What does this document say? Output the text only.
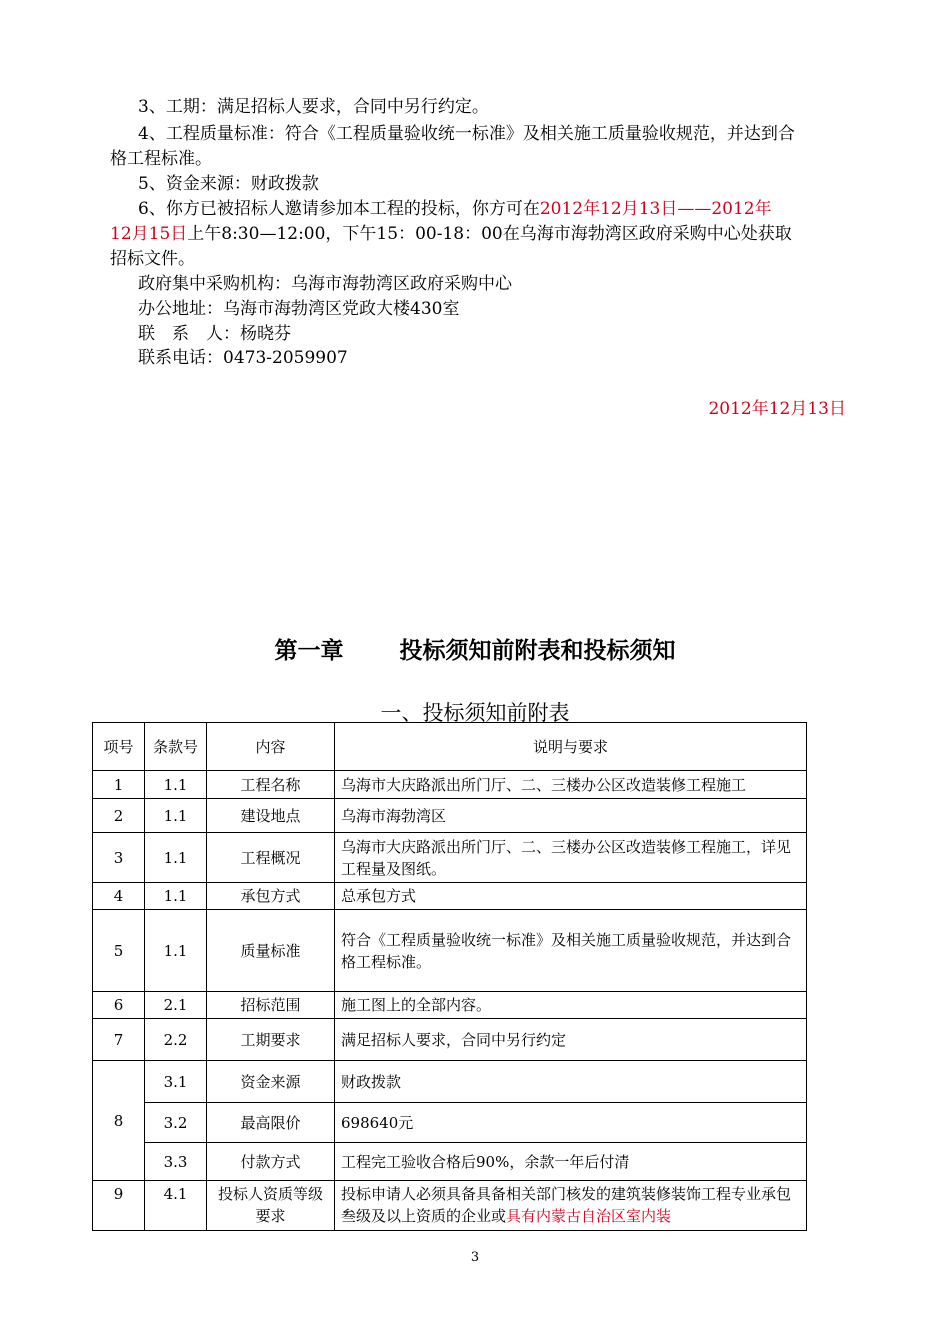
3、工期：满足招标人要求，合同中另行约定。
4、工程质量标准：符合《工程质量验收统一标准》及相关施工质量验收规范，并达到合
格工程标准。
5、资金来源：财政拨款
6、你方已被招标人邀请参加本工程的投标，你方可在2012年12月13日——2012年
12月15日上午8:30—12:00，下午15：00-18：00在乌海市海勃湾区政府采购中心处获取
招标文件。
政府集中采购机构：乌海市海勃湾区政府采购中心
办公地址：乌海市海勃湾区党政大楼430室
联　系　人：杨晓芬
联系电话：0473-2059907
2012年12月13日
第一章 投标须知前附表和投标须知
一、投标须知前附表
项号	条款号	内容	说明与要求
1	1.1	工程名称	乌海市大庆路派出所门厅、二、三楼办公区改造装修工程施工
2	1.1	建设地点	乌海市海勃湾区
3	1.1	工程概况	乌海市大庆路派出所门厅、二、三楼办公区改造装修工程施工，详见工程量及图纸。
4	1.1	承包方式	总承包方式
5	1.1	质量标准	符合《工程质量验收统一标准》及相关施工质量验收规范，并达到合格工程标准。
6	2.1	招标范围	施工图上的全部内容。
7	2.2	工期要求	满足招标人要求，合同中另行约定
8	3.1	资金来源	财政拨款
	3.2	最高限价	698640元
	3.3	付款方式	工程完工验收合格后90%，余款一年后付清
9	4.1	投标人资质等级要求	投标申请人必须具备具备相关部门核发的建筑装修装饰工程专业承包叁级及以上资质的企业或具有内蒙古自治区室内装
3
